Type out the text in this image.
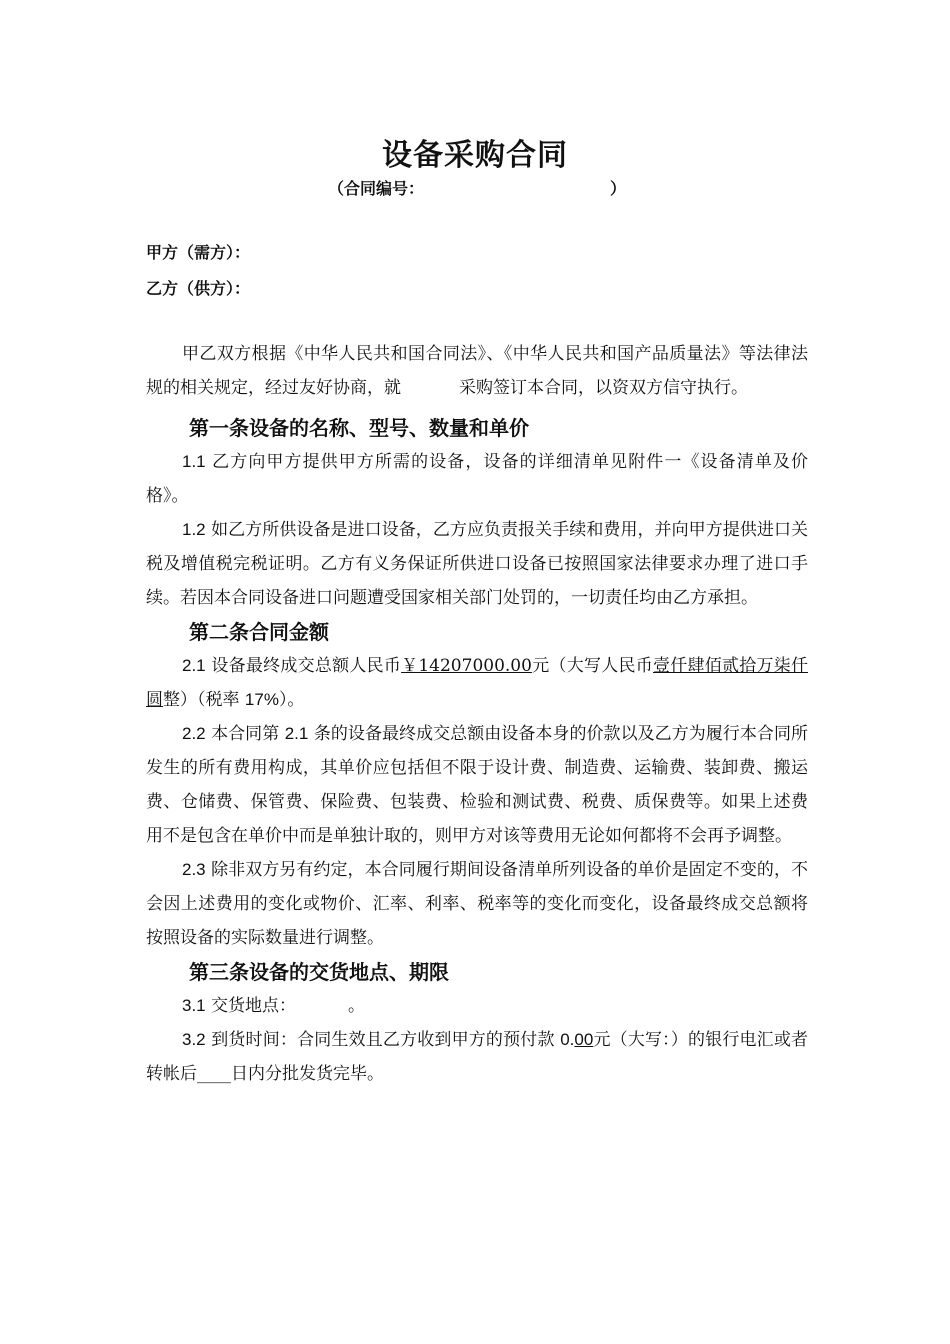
设备采购合同
（合同编号：	）
甲方（需方）：
乙方（供方）：

甲乙双方根据《中华人民共和国合同法》、《中华人民共和国产品质量法》等法律法规的相关规定，经过友好协商，就	采购签订本合同，以资双方信守执行。

第一条设备的名称、型号、数量和单价

1.1 乙方向甲方提供甲方所需的设备，设备的详细清单见附件一《设备清单及价格》。

1.2 如乙方所供设备是进口设备，乙方应负责报关手续和费用，并向甲方提供进口关税及增值税完税证明。乙方有义务保证所供进口设备已按照国家法律要求办理了进口手续。若因本合同设备进口问题遭受国家相关部门处罚的，一切责任均由乙方承担。

第二条合同金额

2.1 设备最终成交总额人民币￥14207000.00元（大写人民币壹仟肆佰贰拾万柒仟圆整）（税率 17%）。

2.2 本合同第 2.1 条的设备最终成交总额由设备本身的价款以及乙方为履行本合同所发生的所有费用构成，其单价应包括但不限于设计费、制造费、运输费、装卸费、搬运费、仓储费、保管费、保险费、包装费、检验和测试费、税费、质保费等。如果上述费用不是包含在单价中而是单独计取的，则甲方对该等费用无论如何都将不会再予调整。

2.3 除非双方另有约定，本合同履行期间设备清单所列设备的单价是固定不变的，不会因上述费用的变化或物价、汇率、利率、税率等的变化而变化，设备最终成交总额将按照设备的实际数量进行调整。

第三条设备的交货地点、期限

3.1 交货地点：	。

3.2 到货时间：合同生效且乙方收到甲方的预付款 0.00元（大写：）的银行电汇或者转帐后____日内分批发货完毕。
